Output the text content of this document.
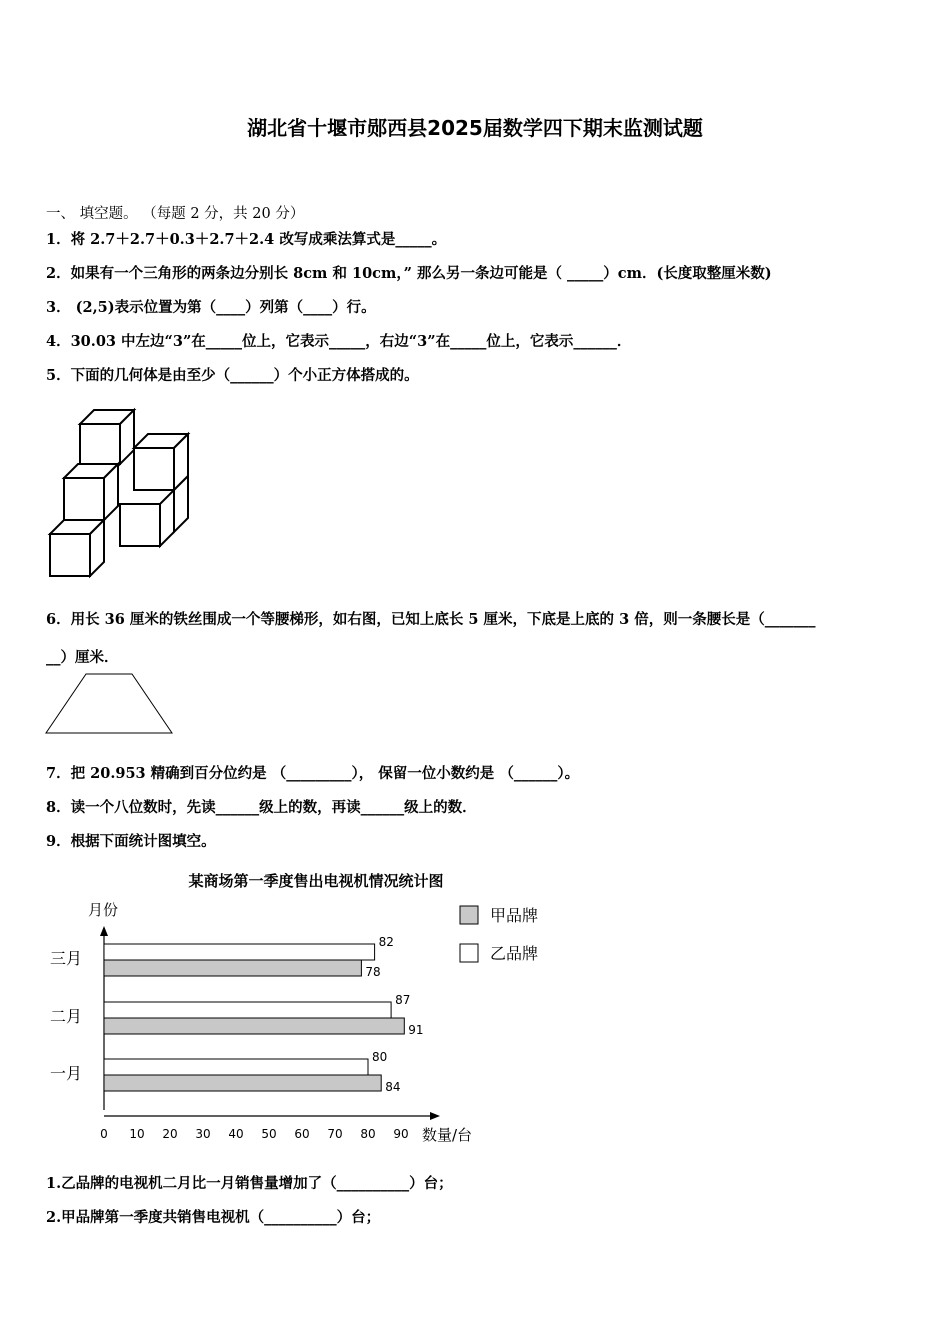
湖北省十堰市郧西县2025届数学四下期末监测试题
一、 填空题。 （每题 2 分，共 20 分）
1．将 2.7＋2.7＋0.3＋2.7＋2.4 改写成乘法算式是_____。
2．如果有一个三角形的两条边分别长 8cm 和 10cm，” 那么另一条边可能是（ _____）cm．(长度取整厘米数)
3． (2,5)表示位置为第（____）列第（____）行。
4．30.03 中左边“3”在_____位上，它表示_____，右边“3”在_____位上，它表示______．
5．下面的几何体是由至少（______）个小正方体搭成的。
6．用长 36 厘米的铁丝围成一个等腰梯形，如右图，已知上底长 5 厘米，下底是上底的 3 倍，则一条腰长是（_______
__）厘米．
7．把 20.953 精确到百分位约是 （_________）， 保留一位小数约是 （______）。
8．读一个八位数时，先读______级上的数，再读______级上的数．
9．根据下面统计图填空。
某商场第一季度售出电视机情况统计图
月份
数量/台
0 10 20 30 40 50 60 70 80 90
三月
82
78
二月
87
91
一月
80
84
甲品牌
乙品牌
1.乙品牌的电视机二月比一月销售量增加了（__________）台；
2.甲品牌第一季度共销售电视机（__________）台；
